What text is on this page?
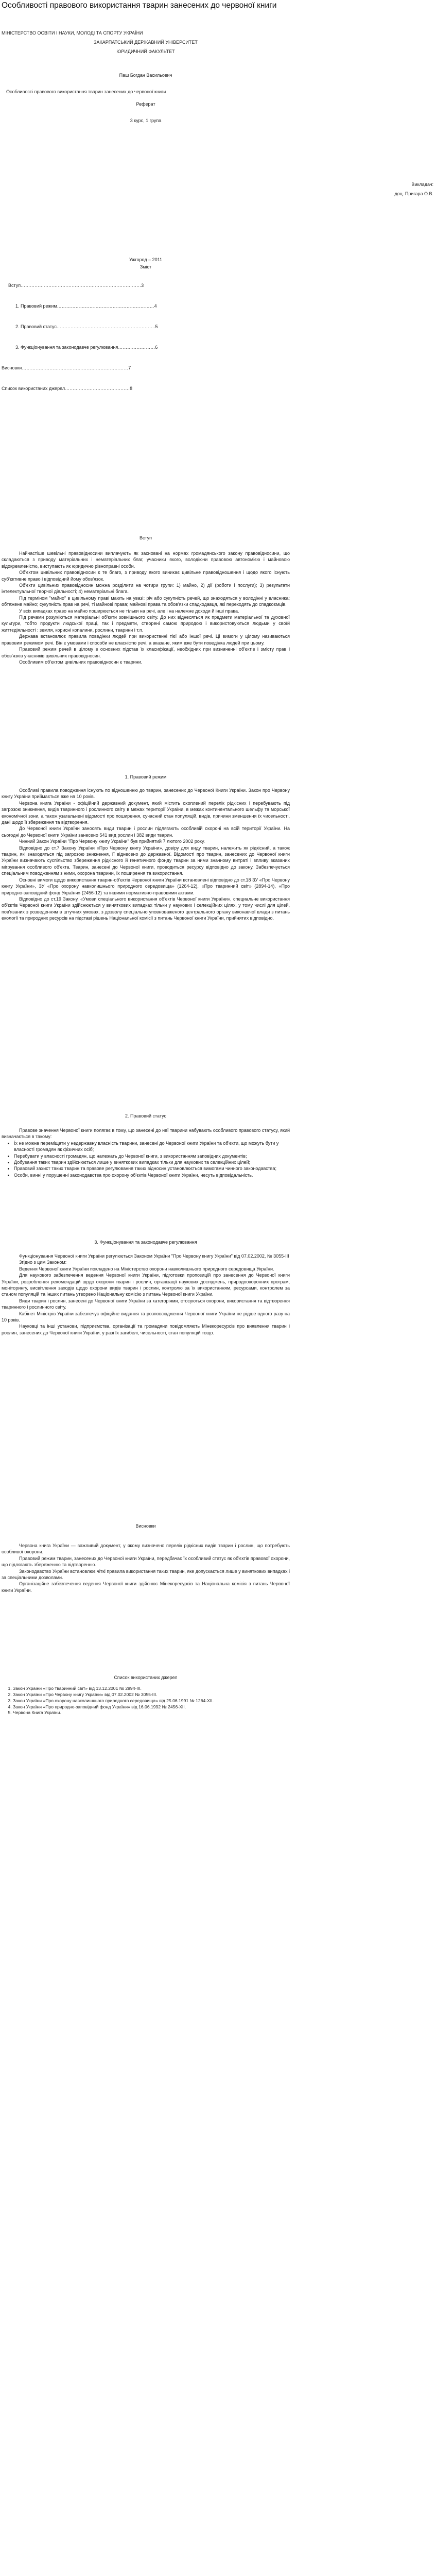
Особливості правового використання тварин занесених до червоної книги
МІНІСТЕРСТВО ОСВІТИ І НАУКИ, МОЛОДІ ТА СПОРТУ УКРАЇНИ
ЗАКАРПАТСЬКИЙ ДЕРЖАВНИЙ УНІВЕРСИТЕТ
ЮРИДИЧНИЙ ФАКУЛЬТЕТ
Паш Богдан Васильович
Особливості правового використання тварин занесених до червоної книги
Реферат
3 курс, 1 група
Викладач:
доц. Пригара О.В.
Ужгород – 2011
Зміст
Вступ……………………………………………………………………3
1. Правовий режим………………………………………………………4
2. Правовий статус……………………………………………………….5
3. Функціонування та законодавче регулювання……………………6
Висновки……………………………………………………………7
Список використаних джерел……………………………………8
Вступ

Найчастіше шевільні правовідносини виплачують як засновані на нормах громадянського закону правовідносини, що складаються з приводу матеріальних і нематеріальних благ, учасники якого, володіючи правовою автономією і майновою відокремленістю, виступають як юридично рівноправні особи.

Об'єктом цивільних правовідносин є те благо, з приводу якого виникає цивільне правовідношення і щодо якого існують суб'єктивне право і відповідний йому обов'язок.

Об'єкти цивільних правовідносин можна розділити на чотири групи: 1) майно, 2) дії (роботи і послуги); 3) результати інтелектуальної творчої діяльності; 4) нематеріальні блага.

Під терміном "майно" в цивільному праві мають на увазі: річ або сукупність речей, що знаходяться у володінні у власника; обтяжене майно; сукупність прав на речі, ті майнові права; майнові права та обов'язки спадкодавця, які переходять до спадкоємців.

У всіх випадках право на майно поширюється не тільки на речі, але і на належне доходи й інші права.

Під речами розуміються матеріальні об'єкти зовнішнього світу. До них віднесяться як предмети матеріальної та духовної культури, тобто продукти людської праці, так і предмети, створені самою природою і використовуються людьми у своїй життєдіяльності : земля, корисні копалини, рослини, тварини і т.п.

Держава встановлює правила поведінки людей при використанні тієї або іншої речі. Ці вимоги у цілому називаються правовим режимом речі. Він є умовами і способи не власністю речі, а вказане, яким вже бути поведінка людей при цьому.

Правовий режим речей в цілому в основних підстав їх класифікації, необхідних при визначенні об'єктів і змісту прав і обов'язків учасників цивільних правовідносин.

Особливим об'єктом цивільних правовідносин є тварини.

1. Правовий режим

Особливі правила поводження існують по відношенню до тварин, занесених до Червоної Книги України. Закон про Червону книгу України приймається вже на 10 років.

Червона книга України - офіційний державний документ, який містить охоплений перелік рідкісних і перебувають під загрозою зникнення, видів тваринного і рослинного світу в межах території України, в межах континентального шельфу та морської економічної зони, а також узагальнені відомості про поширення, сучасний стан популяцій, видів, причини зменшення їх чисельності, дані щодо її збереження та відтворення.

До Червоної книги України заносять види тварин і рослин підлягають особливій охороні на всій території України. На сьогодні до Червоної книги України занесено 541 вид рослин і 382 види тварин.

Чинний Закон України "Про Червону книгу України" був прийнятий 7 лютого 2002 року.

Відповідно до ст.7 Закону України «Про Червону книгу України», довіру для виду тварин, належить як рідкісний, а також тварин, які знаходяться під загрозою зникнення, її віднесено до державної. Відомості про тварин, занесених до Червоної книги України визначають суспільство збереження рідкісного й генетичного фонду тварин за ними значному витраті і впливу вказаних мігрування особливого об'єкта. Тварин, занесені до Червоної книги, проводиться ресурсу відповідно до закону. Забезпечується спеціальним поводженням з ними, охорона тварини, їх поширення та використання.

Основні вимоги щодо використання тварин-об'єктів Червоної книги України встановлені відповідно до ст.18 ЗУ «Про Червону книгу України», ЗУ «Про охорону навколишнього природного середовища» (1264-12), «Про тваринний світ» (2894-14), «Про природно-заповідний фонд України» (2456-12) та іншими нормативно-правовими актами.

Відповідно до ст.19 Закону, «Умови спеціального використання об'єктів Червоної книги України», специальне використання об'єктів Червоної книги України здійснюється у виняткових випадках тільки у наукових і селекційних цілях, у тому числі для цілей, пов'язаних з розведенням в штучних умовах, з дозволу спеціально уповноваженого центрального органу виконавчої влади з питань екології та природних ресурсів на підставі рішень Національної комісії з питань Червоної книги України, прийнятих відповідно.

2. Правовий статус

Правове значення Червоної книги полягає в тому, що занесені до неї тварини набувають особливого правового статусу, який визначається в такому:

• Їх не можна переміщати у недержавну власність тварини, занесені до Червоної книги України та об'єкти, що можуть бути у власності громадян як фізичних осіб;
• Перебувати у власності громадян, що належать до Червоної книги, з використанням заповідних документів;
• Добування таких тварин здійснюється лише у виняткових випадках тільки для наукових та селекційних цілей;
• Правовий захист таких тварин та правове регулювання таких відносин установлюється вимогами чинного законодавства;
• Особи, винні у порушенні законодавства про охорону об'єктів Червоної книги України, несуть відповідальність.
3. Функціонування та законодавче регулювання

Функціонування Червоної книги України регулюється Законом України "Про Червону книгу України" від 07.02.2002, № 3055-III

Згідно з цим Законом:

Ведення Червоної книги України покладено на Міністерство охорони навколишнього природного середовища України.

Для наукового забезпечення ведення Червоної книги України, підготовки пропозицій про занесення до Червоної книги України, розроблення рекомендацій щодо охорони тварин і рослин, організації наукових досліджень, природоохоронних програм, моніторингу, висвітлення заходів щодо охорони видів тварин і рослин, контролю за їх використанням, ресурсами, контролем за станом популяцій та інших питань утворено Національну комісію з питань Червоної книги України.

Види тварин і рослин, занесені до Червоної книги України за категоріями, стосуються охорони, використання та відтворення тваринного і рослинного світу.

Кабінет Міністрів України забезпечує офіційне видання та розповсюдження Червоної книги України не рідше одного разу на 10 років.

Науковці та інші установи, підприємства, організації та громадяни повідомляють Мінекоресурсів про виявлення тварин і рослин, занесених до Червоної книги України, у разі їх загибелі, чисельності, стан популяцій тощо.

Висновки

Червона книга України — важливий документ, у якому визначено перелік рідкісних видів тварин і рослин, що потребують особливої охорони.

Правовий режим тварин, занесених до Червоної книги України, передбачає їх особливий статус як об'єктів правової охорони, що підлягають збереженню та відтворенню.

Законодавство України встановлює чіткі правила використання таких тварин, яке допускається лише у виняткових випадках і за спеціальними дозволами.

Організаційне забезпечення ведення Червоної книги здійснює Мінекоресурсів та Національна комісія з питань Червоної книги України.

Список використаних джерел
1. Закон України «Про тваринний світ» від 13.12.2001 № 2894-III.
2. Закон України «Про Червону книгу України» від 07.02.2002 № 3055-III.
3. Закон України «Про охорону навколишнього природного середовища» від 25.06.1991 № 1264-XII.
4. Закон України «Про природно-заповідний фонд України» від 16.06.1992 № 2456-XII.
5. Червона Книга України.
